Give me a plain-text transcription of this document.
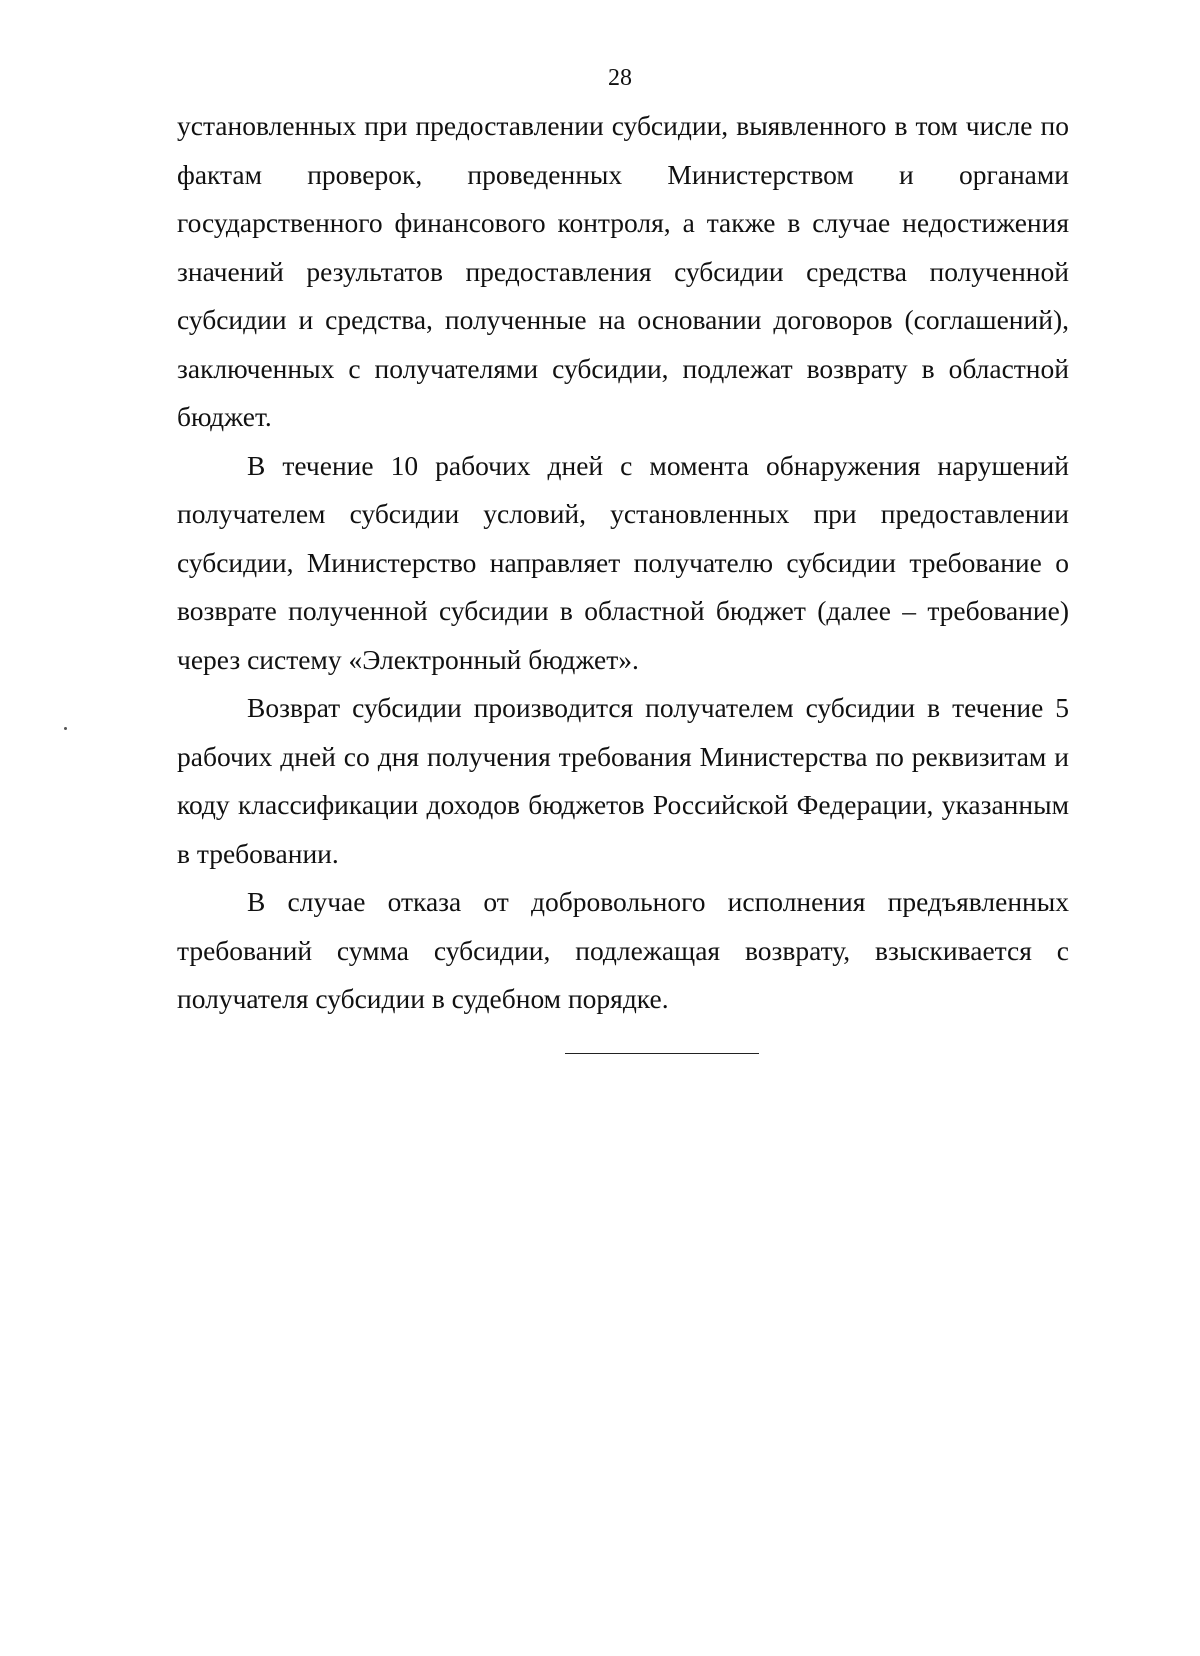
28

установленных при предоставлении субсидии, выявленного в том числе по фактам проверок, проведенных Министерством и органами государственного финансового контроля, а также в случае недостижения значений результатов предоставления субсидии средства полученной субсидии и средства, полученные на основании договоров (соглашений), заключенных с получателями субсидии, подлежат возврату в областной бюджет.

В течение 10 рабочих дней с момента обнаружения нарушений получателем субсидии условий, установленных при предоставлении субсидии, Министерство направляет получателю субсидии требование о возврате полученной субсидии в областной бюджет (далее – требование) через систему «Электронный бюджет».

Возврат субсидии производится получателем субсидии в течение 5 рабочих дней со дня получения требования Министерства по реквизитам и коду классификации доходов бюджетов Российской Федерации, указанным в требовании.

В случае отказа от добровольного исполнения предъявленных требований сумма субсидии, подлежащая возврату, взыскивается с получателя субсидии в судебном порядке.
